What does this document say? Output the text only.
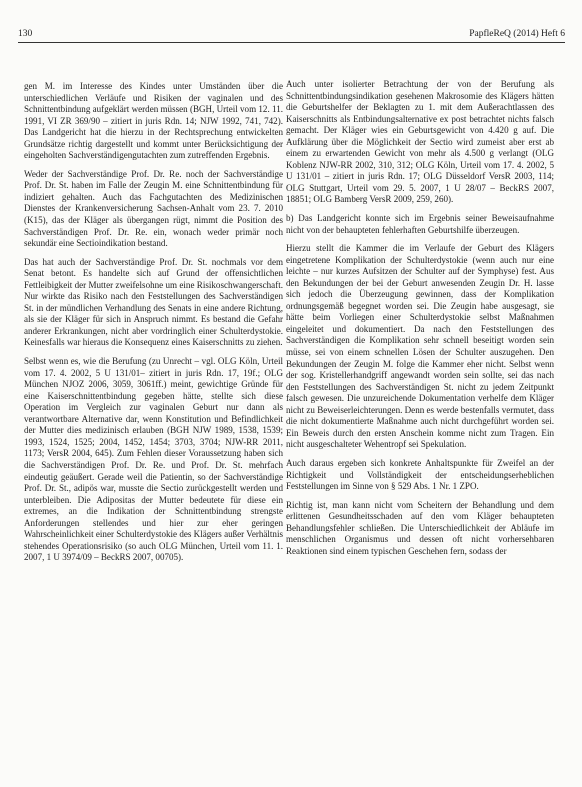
130	PapfleReQ (2014) Heft 6

gen M. im Interesse des Kindes unter Umständen über die unterschiedlichen Verläufe und Risiken der vaginalen und des Schnittentbindung aufgeklärt werden müssen (BGH, Urteil vom 12. 11. 1991, VI ZR 369/90 – zitiert in juris Rdn. 14; NJW 1992, 741, 742). Das Landgericht hat die hierzu in der Rechtsprechung entwickelten Grundsätze richtig dargestellt und kommt unter Berücksichtigung der eingeholten Sachverständigengutachten zum zutreffenden Ergebnis.

Weder der Sachverständige Prof. Dr. Re. noch der Sachverständige Prof. Dr. St. haben im Falle der Zeugin M. eine Schnittentbindung für indiziert gehalten. Auch das Fachgutachten des Medizinischen Dienstes der Krankenversicherung Sachsen-Anhalt vom 23. 7. 2010 (K15), das der Kläger als übergangen rügt, nimmt die Position des Sachverständigen Prof. Dr. Re. ein, wonach weder primär noch sekundär eine Sectioindikation bestand.

Das hat auch der Sachverständige Prof. Dr. St. nochmals vor dem Senat betont. Es handelte sich auf Grund der offensichtlichen Fettleibigkeit der Mutter zweifelsohne um eine Risikoschwangerschaft. Nur wirkte das Risiko nach den Feststellungen des Sachverständigen St. in der mündlichen Verhandlung des Senats in eine andere Richtung, als sie der Kläger für sich in Anspruch nimmt. Es bestand die Gefahr anderer Erkrankungen, nicht aber vordringlich einer Schulterdystokie. Keinesfalls war hieraus die Konsequenz eines Kaiserschnitts zu ziehen.

Selbst wenn es, wie die Berufung (zu Unrecht – vgl. OLG Köln, Urteil vom 17. 4. 2002, 5 U 131/01– zitiert in juris Rdn. 17, 19f.; OLG München NJOZ 2006, 3059, 3061ff.) meint, gewichtige Gründe für eine Kaiserschnittentbindung gegeben hätte, stellte sich diese Operation im Vergleich zur vaginalen Geburt nur dann als verantwortbare Alternative dar, wenn Konstitution und Befindlichkeit der Mutter dies medizinisch erlauben (BGH NJW 1989, 1538, 1539; 1993, 1524, 1525; 2004, 1452, 1454; 3703, 3704; NJW-RR 2011, 1173; VersR 2004, 645). Zum Fehlen dieser Voraussetzung haben sich die Sachverständigen Prof. Dr. Re. und Prof. Dr. St. mehrfach eindeutig geäußert. Gerade weil die Patientin, so der Sachverständige Prof. Dr. St., adipös war, musste die Sectio zurückgestellt werden und unterbleiben. Die Adipositas der Mutter bedeutete für diese ein extremes, an die Indikation der Schnittentbindung strengste Anforderungen stellendes und hier zur eher geringen Wahrscheinlichkeit einer Schulterdystokie des Klägers außer Verhältnis stehendes Operationsrisiko (so auch OLG München, Urteil vom 11. 1. 2007, 1 U 3974/09 – BeckRS 2007, 00705).

Auch unter isolierter Betrachtung der von der Berufung als Schnittentbindungsindikation gesehenen Makrosomie des Klägers hätten die Geburtshelfer der Beklagten zu 1. mit dem Außerachtlassen des Kaiserschnitts als Entbindungsalternative ex post betrachtet nichts falsch gemacht. Der Kläger wies ein Geburtsgewicht von 4.420 g auf. Die Aufklärung über die Möglichkeit der Sectio wird zumeist aber erst ab einem zu erwartenden Gewicht von mehr als 4.500 g verlangt (OLG Koblenz NJW-RR 2002, 310, 312; OLG Köln, Urteil vom 17. 4. 2002, 5 U 131/01 – zitiert in juris Rdn. 17; OLG Düsseldorf VersR 2003, 114; OLG Stuttgart, Urteil vom 29. 5. 2007, 1 U 28/07 – BeckRS 2007, 18851; OLG Bamberg VersR 2009, 259, 260).

b) Das Landgericht konnte sich im Ergebnis seiner Beweisaufnahme nicht von der behaupteten fehlerhaften Geburtshilfe überzeugen.

Hierzu stellt die Kammer die im Verlaufe der Geburt des Klägers eingetretene Komplikation der Schulterdystokie (wenn auch nur eine leichte – nur kurzes Aufsitzen der Schulter auf der Symphyse) fest. Aus den Bekundungen der bei der Geburt anwesenden Zeugin Dr. H. lasse sich jedoch die Überzeugung gewinnen, dass der Komplikation ordnungsgemäß begegnet worden sei. Die Zeugin habe ausgesagt, sie hätte beim Vorliegen einer Schulterdystokie selbst Maßnahmen eingeleitet und dokumentiert. Da nach den Feststellungen des Sachverständigen die Komplikation sehr schnell beseitigt worden sein müsse, sei von einem schnellen Lösen der Schulter auszugehen. Den Bekundungen der Zeugin M. folge die Kammer eher nicht. Selbst wenn der sog. Kristellerhandgriff angewandt worden sein sollte, sei das nach den Feststellungen des Sachverständigen St. nicht zu jedem Zeitpunkt falsch gewesen. Die unzureichende Dokumentation verhelfe dem Kläger nicht zu Beweiserleichterungen. Denn es werde bestenfalls vermutet, dass die nicht dokumentierte Maßnahme auch nicht durchgeführt worden sei. Ein Beweis durch den ersten Anschein komme nicht zum Tragen. Ein nicht ausgeschalteter Wehentropf sei Spekulation.

Auch daraus ergeben sich konkrete Anhaltspunkte für Zweifel an der Richtigkeit und Vollständigkeit der entscheidungserheblichen Feststellungen im Sinne von § 529 Abs. 1 Nr. 1 ZPO.

Richtig ist, man kann nicht vom Scheitern der Behandlung und dem erlittenen Gesundheitsschaden auf den vom Kläger behaupteten Behandlungsfehler schließen. Die Unterschiedlichkeit der Abläufe im menschlichen Organismus und dessen oft nicht vorhersehbaren Reaktionen sind einem typischen Geschehen fern, sodass der
